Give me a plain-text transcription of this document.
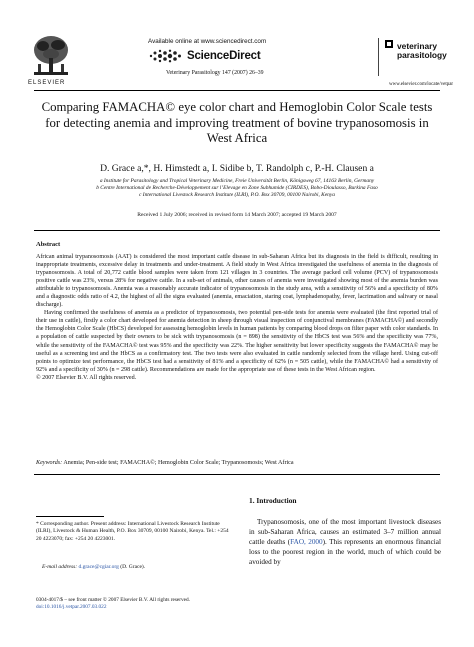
ELSEVIER
Available online at www.sciencedirect.com
ScienceDirect
Veterinary Parasitology 147 (2007) 26–39
veterinary
parasitology
www.elsevier.com/locate/vetpar
Comparing FAMACHA© eye color chart and Hemoglobin Color Scale tests for detecting anemia and improving treatment of bovine trypanosomosis in West Africa
D. Grace a,*, H. Himstedt a, I. Sidibe b, T. Randolph c, P.-H. Clausen a
a Institute for Parasitology and Tropical Veterinary Medicine, Freie Universität Berlin, Königsweg 67, 14163 Berlin, Germany
b Centre International de Recherche-Développement sur l’Elevage en Zone Subhumide (CIRDES), Bobo-Dioulasso, Burkina Faso
c International Livestock Research Institute (ILRI), P.O. Box 30709, 00100 Nairobi, Kenya
Received 1 July 2006; received in revised form 14 March 2007; accepted 19 March 2007
Abstract

African animal trypanosomosis (AAT) is considered the most important cattle disease in sub-Saharan Africa but its diagnosis in the field is difficult, resulting in inappropriate treatments, excessive delay in treatments and under-treatment. A field study in West Africa investigated the usefulness of anemia in the diagnosis of trypanosomosis. A total of 20,772 cattle blood samples were taken from 121 villages in 3 countries. The average packed cell volume (PCV) of trypanosomosis positive cattle was 23%, versus 28% for negative cattle. In a sub-set of animals, other causes of anemia were investigated showing most of the anemia burden was attributable to trypanosomosis. Anemia was a reasonably accurate indicator of trypanosomosis in the study area, with a sensitivity of 56% and a specificity of 80% and a diagnostic odds ratio of 4.2, the highest of all the signs evaluated (anemia, emaciation, staring coat, lymphadenopathy, fever, lacrimation and salivary or nasal discharge).

Having confirmed the usefulness of anemia as a predictor of trypanosomosis, two potential pen-side tests for anemia were evaluated (the first reported trial of their use in cattle), firstly a color chart developed for anemia detection in sheep through visual inspection of conjunctival membranes (FAMACHA©) and secondly the Hemoglobin Color Scale (HbCS) developed for assessing hemoglobin levels in human patients by comparing blood drops on filter paper with color standards. In a population of cattle suspected by their owners to be sick with trypanosomosis (n = 898) the sensitivity of the HbCS test was 56% and the specificity was 77%, while the sensitivity of the FAMACHA© test was 95% and the specificity was 22%. The higher sensitivity but lower specificity suggests the FAMACHA© may be useful as a screening test and the HbCS as a confirmatory test. The two tests were also evaluated in cattle randomly selected from the village herd. Using cut-off points to optimize test performance, the HbCS test had a sensitivity of 81% and a specificity of 62% (n = 505 cattle), while the FAMACHA© had a sensitivity of 92% and a specificity of 30% (n = 298 cattle). Recommendations are made for the appropriate use of these tests in the West African region.

© 2007 Elsevier B.V. All rights reserved.

Keywords: Anemia; Pen-side test; FAMACHA©; Hemoglobin Color Scale; Trypanosomosis; West Africa
* Corresponding author. Present address: International Livestock Research Institute (ILRI), Livestock & Human Health, P.O. Box 30709, 00100 Nairobi, Kenya. Tel.: +254 20 4223070; fax: +254 20 4223001.
E-mail address: d.grace@cgiar.org (D. Grace).
0304-4017/$ – see front matter © 2007 Elsevier B.V. All rights reserved.
doi:10.1016/j.vetpar.2007.03.022
1. Introduction
Trypanosomosis, one of the most important livestock diseases in sub-Saharan Africa, causes an estimated 3–7 million annual cattle deaths (FAO, 2000). This represents an enormous financial loss to the poorest region in the world, much of which could be avoided by
